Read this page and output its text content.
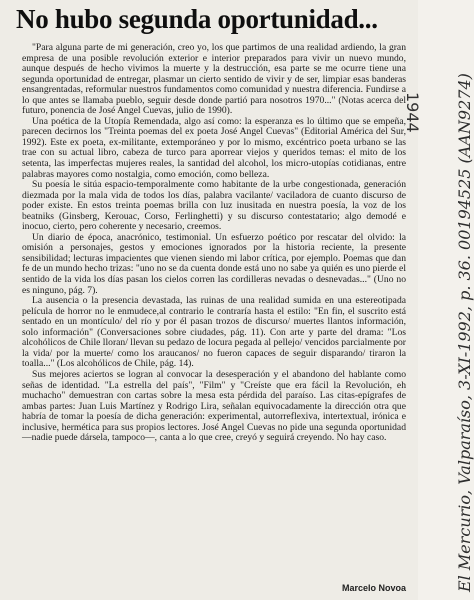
No hubo segunda oportunidad...

"Para alguna parte de mi generación, creo yo, los que partimos de una realidad ardiendo, la gran empresa de una posible revolución exterior e interior preparados para vivir un nuevo mundo, aunque después de hecho vivimos la muerte y la destrucción, esa parte se me ocurre tiene una segunda oportunidad de entregar, plasmar un cierto sentido de vivir y de ser, limpiar esas banderas ensangrentadas, reformular nuestros fundamentos como comunidad y nuestra diferencia. Fundirse a lo que antes se llamaba pueblo, seguir desde donde partió para nosotros 1970..." (Notas acerca del futuro, ponencia de José Angel Cuevas, julio de 1990).

Una poética de la Utopía Remendada, algo así como: la esperanza es lo último que se empeña, parecen decirnos los "Treinta poemas del ex poeta José Angel Cuevas" (Editorial América del Sur, 1992). Este ex poeta, ex-militante, extemporáneo y por lo mismo, excéntrico poeta urbano se las trae con su actual libro, cabeza de turco para aporrear viejos y queridos temas: el mito de los setenta, las imperfectas mujeres reales, la santidad del alcohol, los micro-utopías cotidianas, entre palabras mayores como nostalgia, como emoción, como belleza.

Su poesía le sitúa espacio-temporalmente como habitante de la urbe congestionada, generación diezmada por la mala vida de todos los días, palabra vacilante/ vaciladora de cuanto discurso de poder existe. En estos treinta poemas brilla con luz inusitada en nuestra poesía, la voz de los beatniks (Ginsberg, Kerouac, Corso, Ferlinghetti) y su discurso contestatario; algo demodé e inocuo, cierto, pero coherente y necesario, creemos.

Un diario de época, anacrónico, testimonial. Un esfuerzo poético por rescatar del olvido: la omisión a personajes, gestos y emociones ignorados por la historia reciente, la presente sensibilidad; lecturas impacientes que vienen siendo mi labor crítica, por ejemplo. Poemas que dan fe de un mundo hecho trizas: "uno no se da cuenta donde está uno no sabe ya quién es uno pierde el sentido de la vida los días pasan los cielos corren las cordilleras nevadas o desnevadas..." (Uno no es ninguno, pág. 7).

La ausencia o la presencia devastada, las ruinas de una realidad sumida en una estereotipada película de horror no le enmudece,al contrario le contraría hasta el estilo: "En fin, el suscrito está sentado en un montículo/ del río y por él pasan trozos de discurso/ muertes llantos información, solo información" (Conversaciones sobre ciudades, pág. 11). Con arte y parte del drama: "Los alcohólicos de Chile lloran/ llevan su pedazo de locura pegada al pellejo/ vencidos parcialmente por la vida/ por la muerte/ como los araucanos/ no fueron capaces de seguir disparando/ tiraron la toalla..." (Los alcohólicos de Chile, pág. 14).

Sus mejores aciertos se logran al convocar la desesperación y el abandono del hablante como señas de identidad. "La estrella del país", "Film" y "Creíste que era fácil la Revolución, eh muchacho" demuestran con cartas sobre la mesa esta pérdida del paraíso. Las citas-epígrafes de ambas partes: Juan Luis Martínez y Rodrigo Lira, señalan equivocadamente la dirección otra que habría de tomar la poesía de dicha generación: experimental, autorreflexiva, intertextual, irónica e inclusive, hermética para sus propios lectores. José Angel Cuevas no pide una segunda oportunidad —nadie puede dársela, tampoco—, canta a lo que cree, creyó y seguirá creyendo. No hay caso.

Marcelo Novoa
1944 El Mercurio, Valparaíso, 3-XI-1992, p. 36. 00194525 (AAN9274)
